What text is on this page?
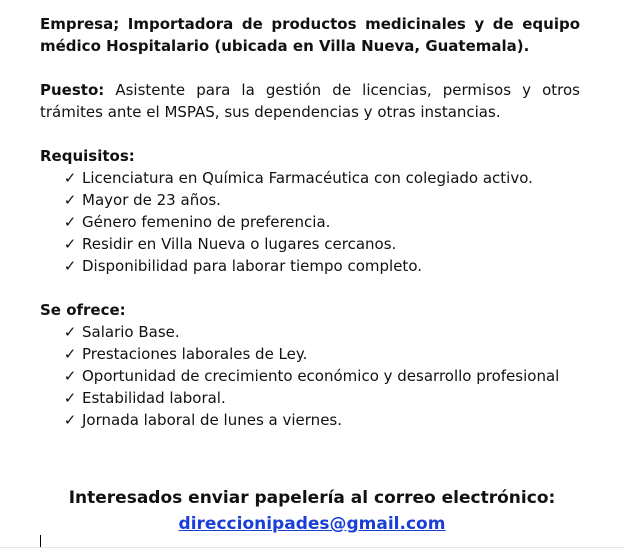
Empresa; Importadora de productos medicinales y de equipo médico Hospitalario (ubicada en Villa Nueva, Guatemala).

Puesto: Asistente para la gestión de licencias, permisos y otros trámites ante el MSPAS, sus dependencias y otras instancias.

Requisitos:

✓ Licenciatura en Química Farmacéutica con colegiado activo.
✓ Mayor de 23 años.
✓ Género femenino de preferencia.
✓ Residir en Villa Nueva o lugares cercanos.
✓ Disponibilidad para laborar tiempo completo.

Se ofrece:

✓ Salario Base.
✓ Prestaciones laborales de Ley.
✓ Oportunidad de crecimiento económico y desarrollo profesional
✓ Estabilidad laboral.
✓ Jornada laboral de lunes a viernes.
Interesados enviar papelería al correo electrónico:
direccionipades@gmail.com
